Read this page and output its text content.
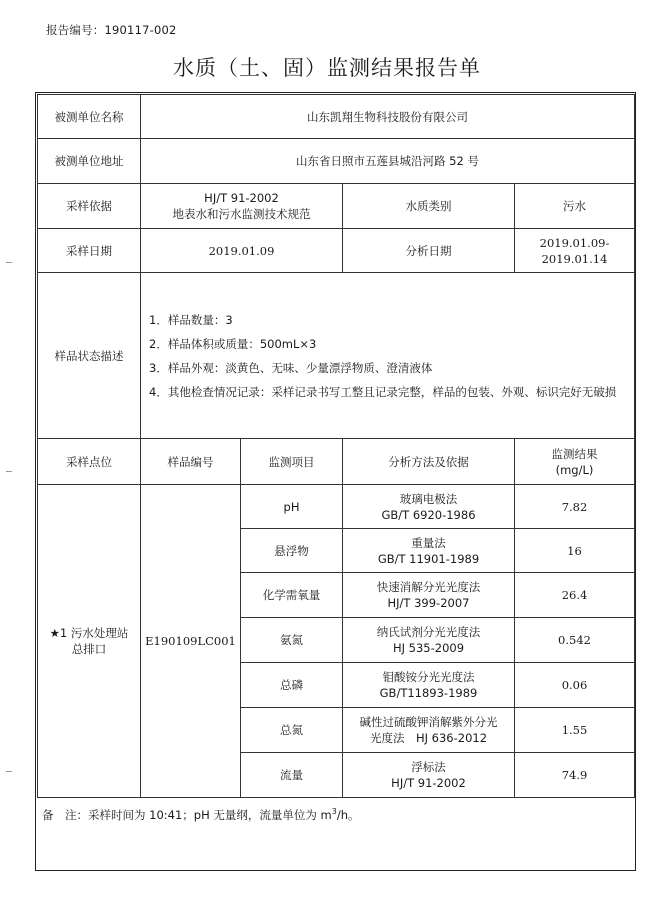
报告编号：190117-002
水质（土、固）监测结果报告单
被测单位名称	山东凯翔生物科技股份有限公司			
被测单位地址	山东省日照市五莲县城沿河路 52 号			
采样依据	HJ/T 91-2002
地表水和污水监测技术规范		水质类别	污水
采样日期	2019.01.09		分析日期	2019.01.09-2019.01.14
样品状态描述	1．样品数量：3
2．样品体积或质量：500mL×3
3．样品外观：淡黄色、无味、少量漂浮物质、澄清液体
4．其他检查情况记录：采样记录书写工整且记录完整，样品的包装、外观、标识完好无破损			

采样点位	样品编号	监测项目	分析方法及依据	监测结果
(mg/L)

★1 污水处理站
总排口	E190109LC001	pH	玻璃电极法
GB/T 6920-1986	7.82
		悬浮物	重量法
GB/T 11901-1989	16
		化学需氧量	快速消解分光光度法
HJ/T 399-2007	26.4
		氨氮	纳氏试剂分光光度法
HJ 535-2009	0.542
		总磷	钼酸铵分光光度法
GB/T11893-1989	0.06
		总氮	碱性过硫酸钾消解紫外分光
光度法　HJ 636-2012	1.55
		流量	浮标法
HJ/T 91-2002	74.9
备　注：采样时间为 10:41；pH 无量纲，流量单位为 $m^3/h$。
